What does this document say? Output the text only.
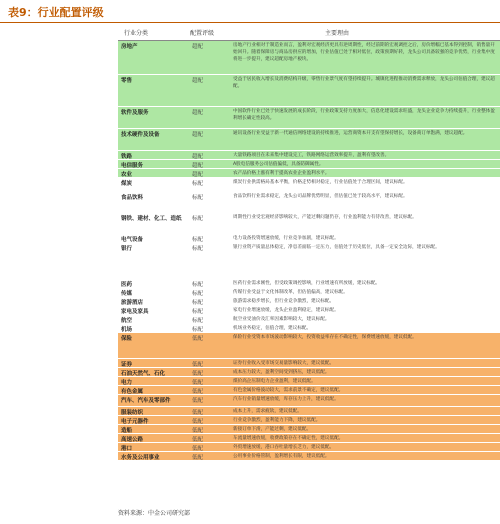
表9：行业配置评级
行业分类	配置评级	主要理由
房地产	超配	房地产行业相对于制造业而言，盈利对宏观经济更具有逆周期性，经过前期的宏观调控之后，房价增幅已基本得到控制，销售量开始回升。随着保障房与商品房供应的增加，行业估值已处于相对低位，政策预期好转，龙头公司具备较强的竞争优势，行业集中度将进一步提升，建议超配房地产板块。
零售	超配	受益于居民收入增长及消费结构升级，零售行业景气度有望持续提升。城镇化进程推动消费需求释放，龙头公司估值合理，建议超配。
软件及服务	超配	中国软件行业已处于快速发展的成长阶段，行业政策支持力度加大，信息化建设需求旺盛，龙头企业竞争力持续提升，行业整体盈利增长确定性较高。
技术硬件及设备	超配	通讯设备行业受益于新一代通信网络建设的持续推进，运营商资本开支有望保持增长，设备商订单饱满，建议超配。
铁路	超配	大量铁路项目在未来集中建设完工，铁路网络运营效率提升，盈利有望改善。
电信服务	超配	A股电信服务公司估值偏低，具备防御属性。
农业	超配	农产品价格上涨有利于提高农业企业盈利水平。
煤炭	标配	煤炭行业供需格局基本平衡，价格走势相对稳定，行业估值处于合理区间，建议标配。
食品饮料	标配	食品饮料行业需求稳定，龙头公司品牌优势明显，但估值已处于较高水平，建议标配。
钢铁、建材、化工、造纸	标配	周期性行业受宏观经济影响较大，产能过剩问题仍存，行业盈利能力有待改善，建议标配。
电气设备	标配	电力设备投资增速放缓，行业竞争加剧，建议标配。
银行	标配	银行业资产质量总体稳定，净息差面临一定压力，估值处于历史低位，具备一定安全边际，建议标配。
医药	标配	医药行业需求刚性，但受政策调控影响，行业增速有所放缓，建议标配。
传媒	标配	传媒行业受益于文化体制改革，但估值偏高，建议标配。
旅游酒店	标配	旅游需求稳步增长，但行业竞争激烈，建议标配。
家电及家具	标配	家电行业增速放缓，龙头企业盈利稳定，建议标配。
航空	标配	航空业受油价及汇率因素影响较大，建议标配。
机场	标配	机场业务稳定，估值合理，建议标配。
保险	低配	保险行业受资本市场波动影响较大，投资收益率存在不确定性，保费增速放缓，建议低配。
证券	低配	证券行业收入受市场交易量影响较大，建议低配。
石油天然气、石化	低配	成本压力较大，盈利空间受到挤压，建议低配。
电力	低配	煤价高企压制电力企业盈利，建议低配。
有色金属	低配	有色金属价格波动较大，需求前景不确定，建议低配。
汽车、汽车及零部件	低配	汽车行业销量增速放缓，库存压力上升，建议低配。
服装纺织	低配	成本上升，需求疲软，建议低配。
电子元器件	低配	行业竞争激烈，盈利能力下降，建议低配。
造船	低配	新接订单下滑，产能过剩，建议低配。
高速公路	低配	车流量增速放缓，收费政策存在不确定性，建议低配。
港口	低配	外贸增速放缓，港口吞吐量增长乏力，建议低配。
水务及公用事业	低配	公用事业价格管制，盈利增长有限，建议低配。
资料来源：中金公司研究部
